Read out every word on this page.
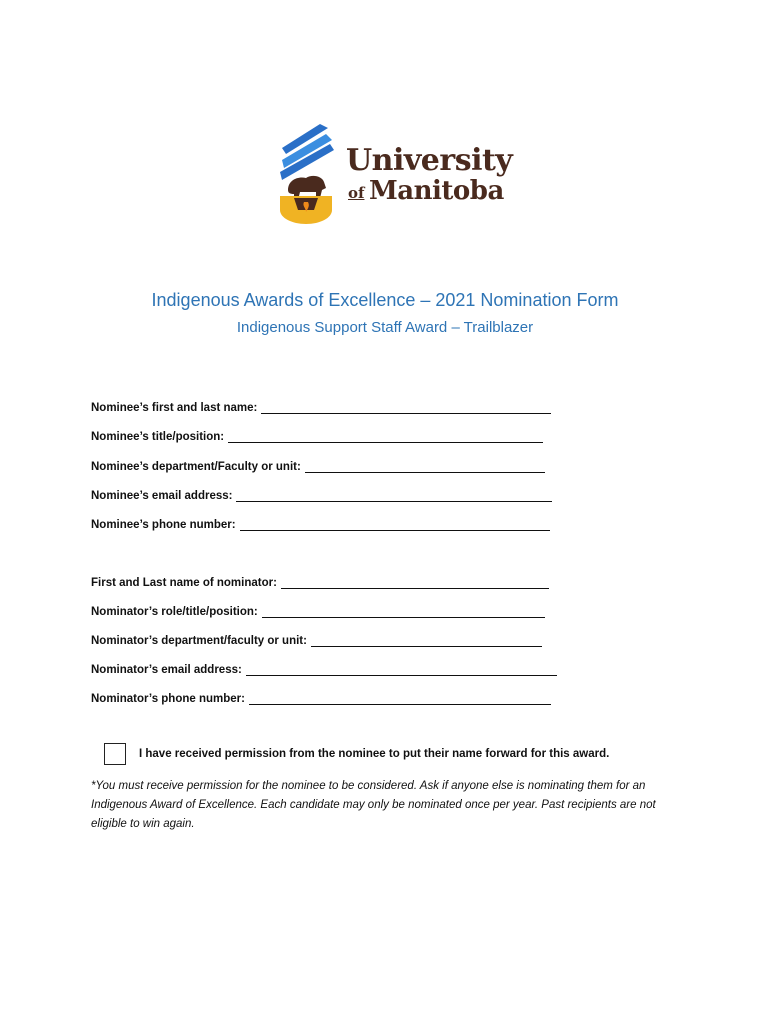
University
of Manitoba
Indigenous Awards of Excellence – 2021 Nomination Form
Indigenous Support Staff Award – Trailblazer
Nominee’s first and last name:
Nominee’s title/position:
Nominee’s department/Faculty or unit:
Nominee’s email address:
Nominee’s phone number:
First and Last name of nominator:
Nominator’s role/title/position:
Nominator’s department/faculty or unit:
Nominator’s email address:
Nominator’s phone number:
I have received permission from the nominee to put their name forward for this award.
*You must receive permission for the nominee to be considered. Ask if anyone else is nominating them for an Indigenous Award of Excellence. Each candidate may only be nominated once per year. Past recipients are not eligible to win again.
